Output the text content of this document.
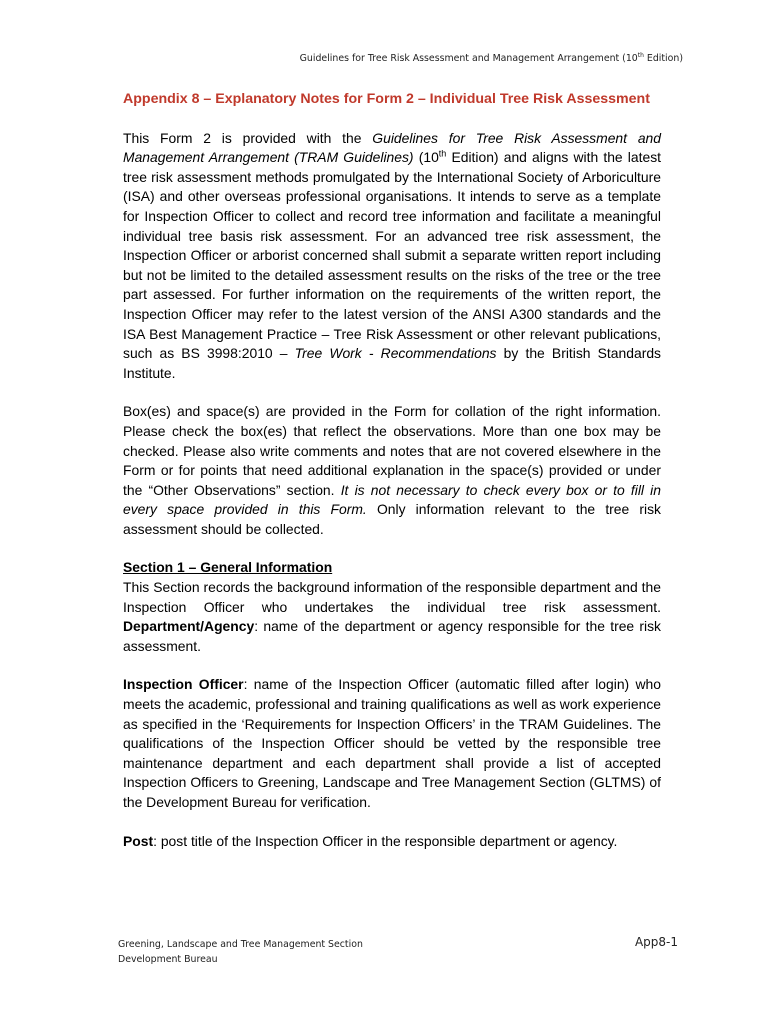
Guidelines for Tree Risk Assessment and Management Arrangement (10th Edition)
Appendix 8 – Explanatory Notes for Form 2 – Individual Tree Risk Assessment

This Form 2 is provided with the Guidelines for Tree Risk Assessment and Management Arrangement (TRAM Guidelines) (10th Edition) and aligns with the latest tree risk assessment methods promulgated by the International Society of Arboriculture (ISA) and other overseas professional organisations. It intends to serve as a template for Inspection Officer to collect and record tree information and facilitate a meaningful individual tree basis risk assessment. For an advanced tree risk assessment, the Inspection Officer or arborist concerned shall submit a separate written report including but not be limited to the detailed assessment results on the risks of the tree or the tree part assessed. For further information on the requirements of the written report, the Inspection Officer may refer to the latest version of the ANSI A300 standards and the ISA Best Management Practice – Tree Risk Assessment or other relevant publications, such as BS 3998:2010 – Tree Work - Recommendations by the British Standards Institute.

Box(es) and space(s) are provided in the Form for collation of the right information. Please check the box(es) that reflect the observations. More than one box may be checked. Please also write comments and notes that are not covered elsewhere in the Form or for points that need additional explanation in the space(s) provided or under the “Other Observations” section. It is not necessary to check every box or to fill in every space provided in this Form. Only information relevant to the tree risk assessment should be collected.

Section 1 – General Information

This Section records the background information of the responsible department and the Inspection Officer who undertakes the individual tree risk assessment. Department/Agency: name of the department or agency responsible for the tree risk assessment.

Inspection Officer: name of the Inspection Officer (automatic filled after login) who meets the academic, professional and training qualifications as well as work experience as specified in the ‘Requirements for Inspection Officers’ in the TRAM Guidelines. The qualifications of the Inspection Officer should be vetted by the responsible tree maintenance department and each department shall provide a list of accepted Inspection Officers to Greening, Landscape and Tree Management Section (GLTMS) of the Development Bureau for verification.

Post: post title of the Inspection Officer in the responsible department or agency.

Greening, Landscape and Tree Management Section
Development Bureau
App8-1
